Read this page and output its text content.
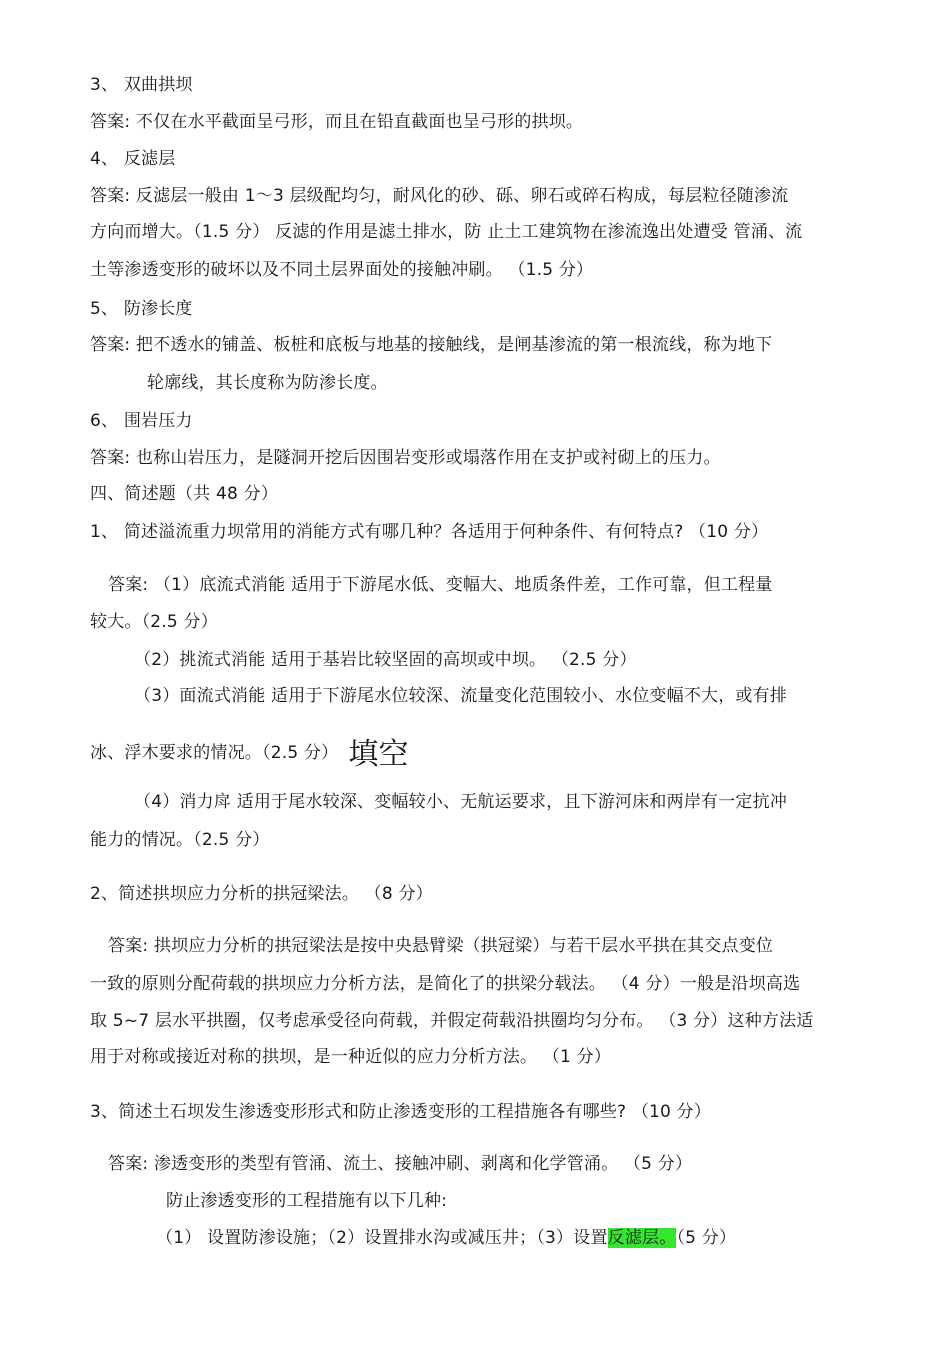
3、 双曲拱坝
答案: 不仅在水平截面呈弓形，而且在铅直截面也呈弓形的拱坝。
4、 反滤层
答案: 反滤层一般由 1～3 层级配均匀，耐风化的砂、砾、卵石或碎石构成，每层粒径随渗流
方向而增大。（1.5 分） 反滤的作用是滤土排水，防 止土工建筑物在渗流逸出处遭受 管涌、流
土等渗透变形的破坏以及不同土层界面处的接触冲刷。 （1.5 分）
5、 防渗长度
答案: 把不透水的铺盖、板桩和底板与地基的接触线，是闸基渗流的第一根流线，称为地下
轮廓线，其长度称为防渗长度。
6、 围岩压力
答案: 也称山岩压力，是隧洞开挖后因围岩变形或塌落作用在支护或衬砌上的压力。
四、简述题（共 48 分）
1、 简述溢流重力坝常用的消能方式有哪几种？各适用于何种条件、有何特点? （10 分）
答案: （1）底流式消能 适用于下游尾水低、变幅大、地质条件差，工作可靠，但工程量
较大。（2.5 分）
（2）挑流式消能 适用于基岩比较坚固的高坝或中坝。 （2.5 分）
（3）面流式消能 适用于下游尾水位较深、流量变化范围较小、水位变幅不大，或有排
冰、浮木要求的情况。（2.5 分） 填空
（4）消力戽 适用于尾水较深、变幅较小、无航运要求，且下游河床和两岸有一定抗冲
能力的情况。（2.5 分）
2、简述拱坝应力分析的拱冠梁法。 （8 分）
答案: 拱坝应力分析的拱冠梁法是按中央悬臂梁（拱冠梁）与若干层水平拱在其交点变位
一致的原则分配荷载的拱坝应力分析方法，是简化了的拱梁分载法。 （4 分）一般是沿坝高选
取 5~7 层水平拱圈，仅考虑承受径向荷载，并假定荷载沿拱圈均匀分布。 （3 分）这种方法适
用于对称或接近对称的拱坝，是一种近似的应力分析方法。 （1 分）
3、简述土石坝发生渗透变形形式和防止渗透变形的工程措施各有哪些? （10 分）
答案: 渗透变形的类型有管涌、流土、接触冲刷、剥离和化学管涌。 （5 分）
防止渗透变形的工程措施有以下几种:
（1） 设置防渗设施；（2）设置排水沟或减压井；（3）设置反滤层。（5 分）
